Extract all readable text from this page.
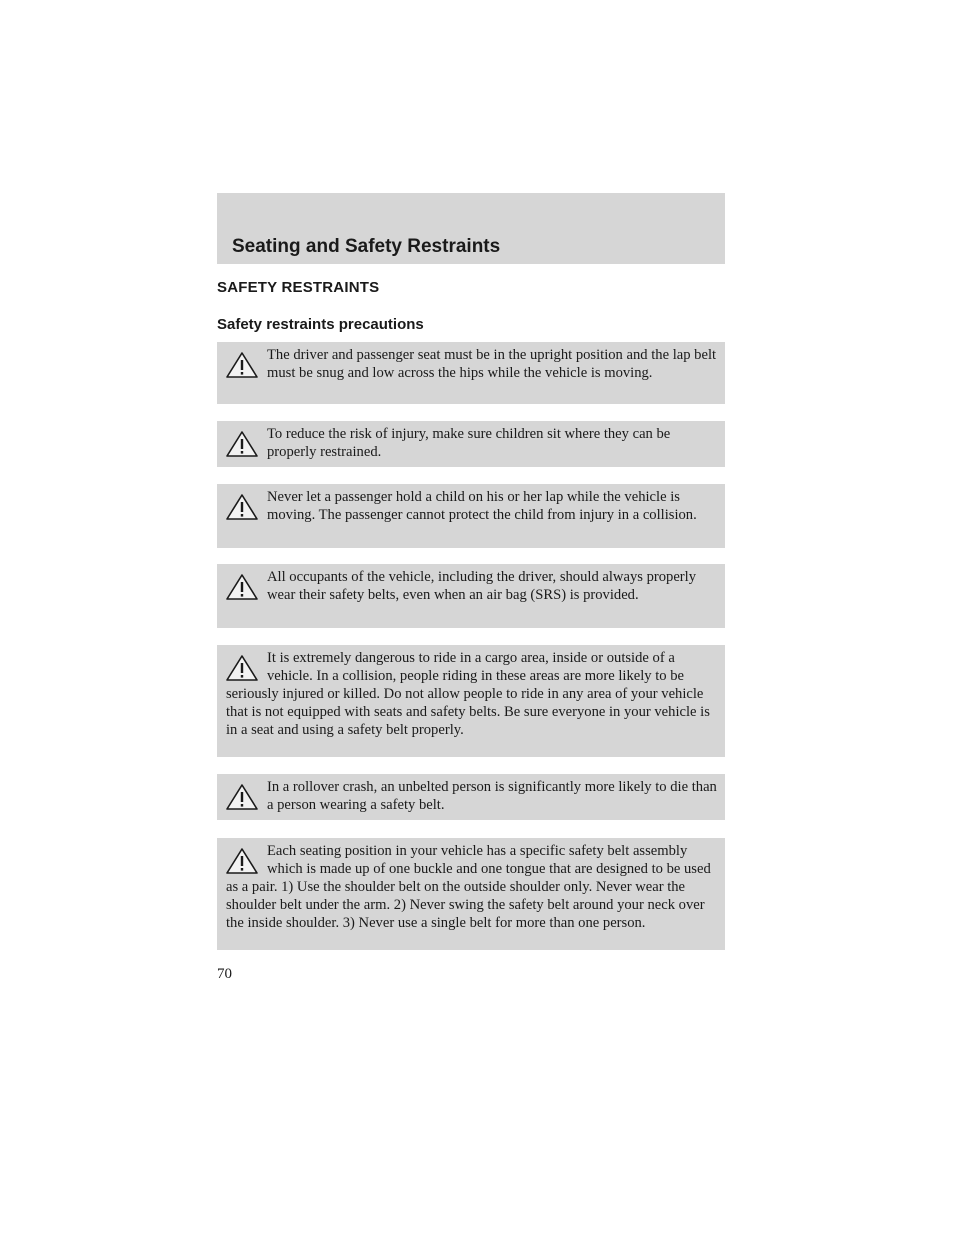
Seating and Safety Restraints
SAFETY RESTRAINTS
Safety restraints precautions

The driver and passenger seat must be in the upright position and the lap belt must be snug and low across the hips while the vehicle is moving.

To reduce the risk of injury, make sure children sit where they can be properly restrained.

Never let a passenger hold a child on his or her lap while the vehicle is moving. The passenger cannot protect the child from injury in a collision.

All occupants of the vehicle, including the driver, should always properly wear their safety belts, even when an air bag (SRS) is provided.

It is extremely dangerous to ride in a cargo area, inside or outside of a vehicle. In a collision, people riding in these areas are more likely to be seriously injured or killed. Do not allow people to ride in any area of your vehicle that is not equipped with seats and safety belts. Be sure everyone in your vehicle is in a seat and using a safety belt properly.

In a rollover crash, an unbelted person is significantly more likely to die than a person wearing a safety belt.

Each seating position in your vehicle has a specific safety belt assembly which is made up of one buckle and one tongue that are designed to be used as a pair. 1) Use the shoulder belt on the outside shoulder only. Never wear the shoulder belt under the arm. 2) Never swing the safety belt around your neck over the inside shoulder. 3) Never use a single belt for more than one person.

70
